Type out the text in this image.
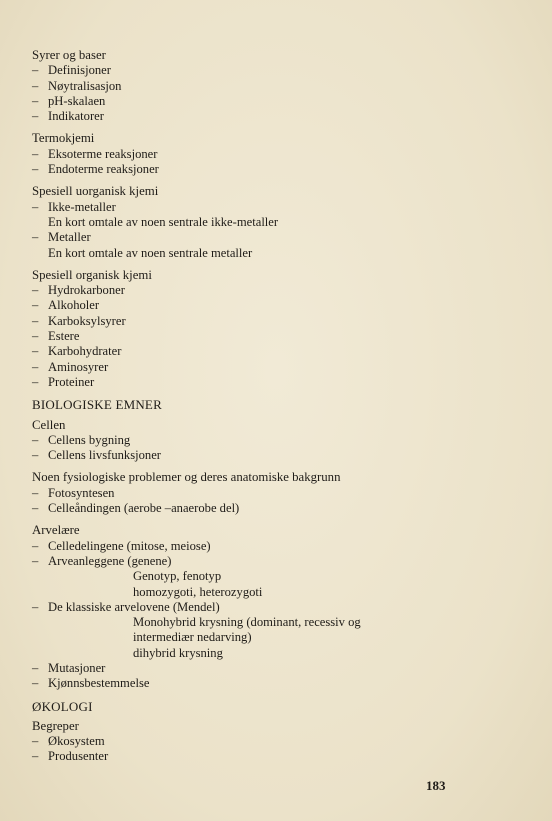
Syrer og baser
– Definisjoner
– Nøytralisasjon
– pH-skalaen
– Indikatorer
Termokjemi
– Eksoterme reaksjoner
– Endoterme reaksjoner
Spesiell uorganisk kjemi
– Ikke-metaller
En kort omtale av noen sentrale ikke-metaller
– Metaller
En kort omtale av noen sentrale metaller
Spesiell organisk kjemi
– Hydrokarboner
– Alkoholer
– Karboksylsyrer
– Estere
– Karbohydrater
– Aminosyrer
– Proteiner
BIOLOGISKE EMNER
Cellen
– Cellens bygning
– Cellens livsfunksjoner
Noen fysiologiske problemer og deres anatomiske bakgrunn
– Fotosyntesen
– Celleåndingen (aerobe –anaerobe del)
Arvelære
– Celledelingene (mitose, meiose)
– Arveanleggene (genene)
Genotyp, fenotyp
homozygoti, heterozygoti
– De klassiske arvelovene (Mendel)
Monohybrid krysning (dominant, recessiv og
intermediær nedarving)
dihybrid krysning
– Mutasjoner
– Kjønnsbestemmelse
ØKOLOGI
Begreper
– Økosystem
– Produsenter
183
